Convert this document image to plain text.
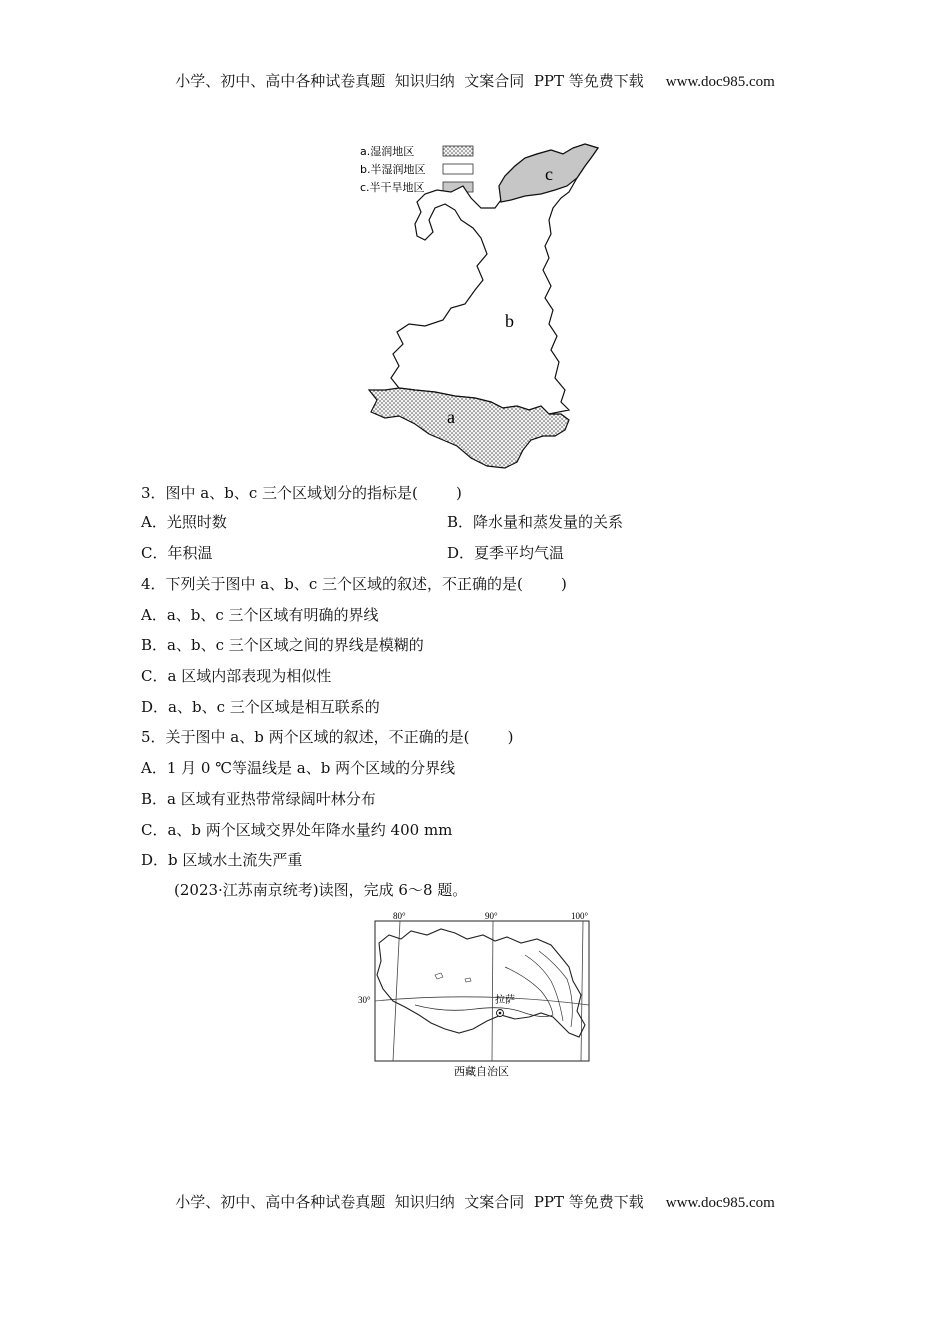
小学、初中、高中各种试卷真题  知识归纳  文案合同  PPT 等免费下载 www.doc985.com
a.湿润地区
b.半湿润地区
c.半干旱地区
c
b
a
3．图中 a、b、c 三个区域划分的指标是(        )
A．光照时数	B．降水量和蒸发量的关系
C．年积温	D．夏季平均气温
4．下列关于图中 a、b、c 三个区域的叙述，不正确的是(        )
A．a、b、c 三个区域有明确的界线
B．a、b、c 三个区域之间的界线是模糊的
C．a 区域内部表现为相似性
D．a、b、c 三个区域是相互联系的
5．关于图中 a、b 两个区域的叙述，不正确的是(        )
A．1 月 0 ℃等温线是 a、b 两个区域的分界线
B．a 区域有亚热带常绿阔叶林分布
C．a、b 两个区域交界处年降水量约 400 mm
D．b 区域水土流失严重
(2023·江苏南京统考)读图，完成 6～8 题。
80°	90°	100°
30°	拉萨
西藏自治区
小学、初中、高中各种试卷真题  知识归纳  文案合同  PPT 等免费下载 www.doc985.com
